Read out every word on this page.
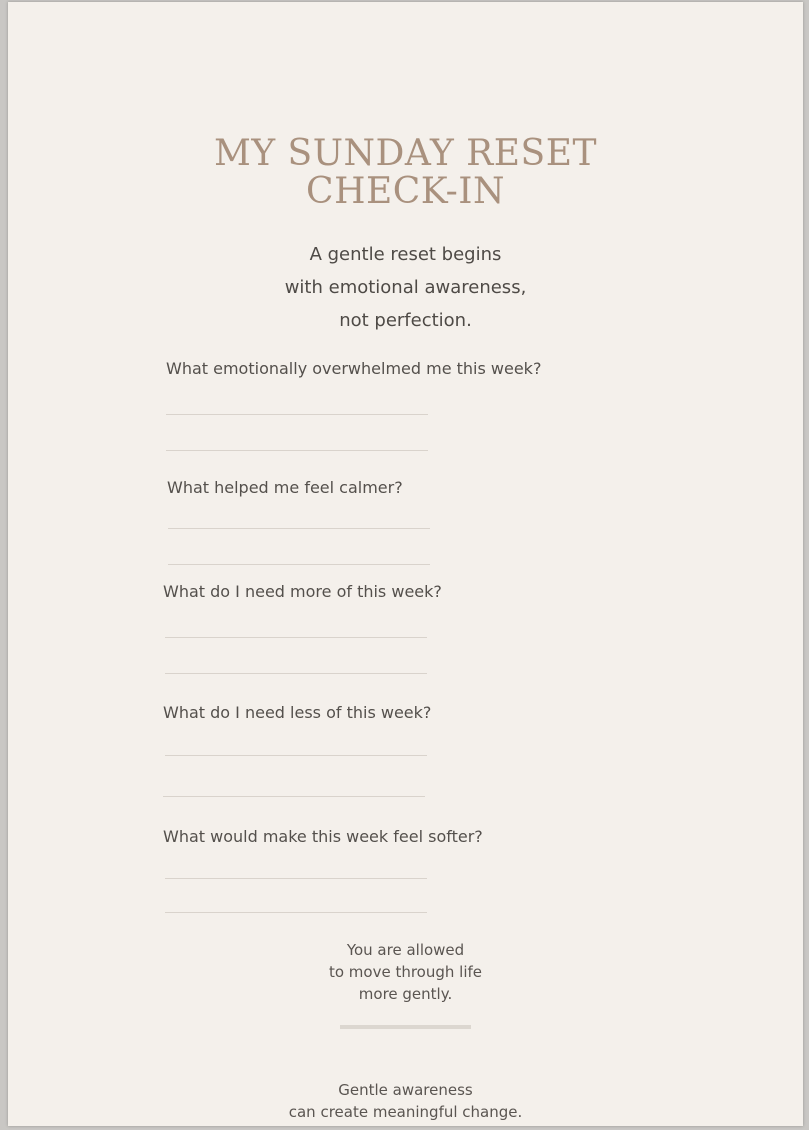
MY SUNDAY RESET
CHECK-IN
A gentle reset begins
with emotional awareness,
not perfection.
What emotionally overwhelmed me this week?
What helped me feel calmer?
What do I need more of this week?
What do I need less of this week?
What would make this week feel softer?
You are allowed
to move through life
more gently.
Gentle awareness
can create meaningful change.
